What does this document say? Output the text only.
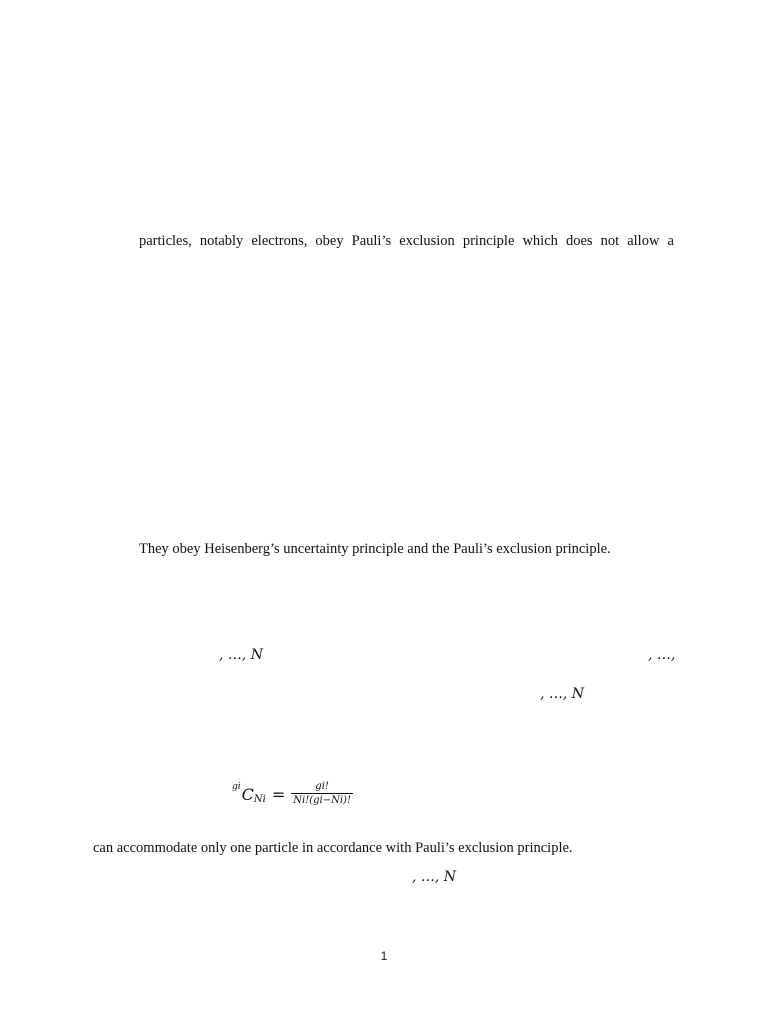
particles, notably electrons, obey Pauli’s exclusion principle which does not allow a
They obey Heisenberg’s uncertainty principle and the Pauli’s exclusion principle.
, …, N	, …,
, …, N
gi C $Ni = \frac{gi!}{Ni!(gi-Ni)!}$
can accommodate only one particle in accordance with Pauli’s exclusion principle.
, …, N
1
